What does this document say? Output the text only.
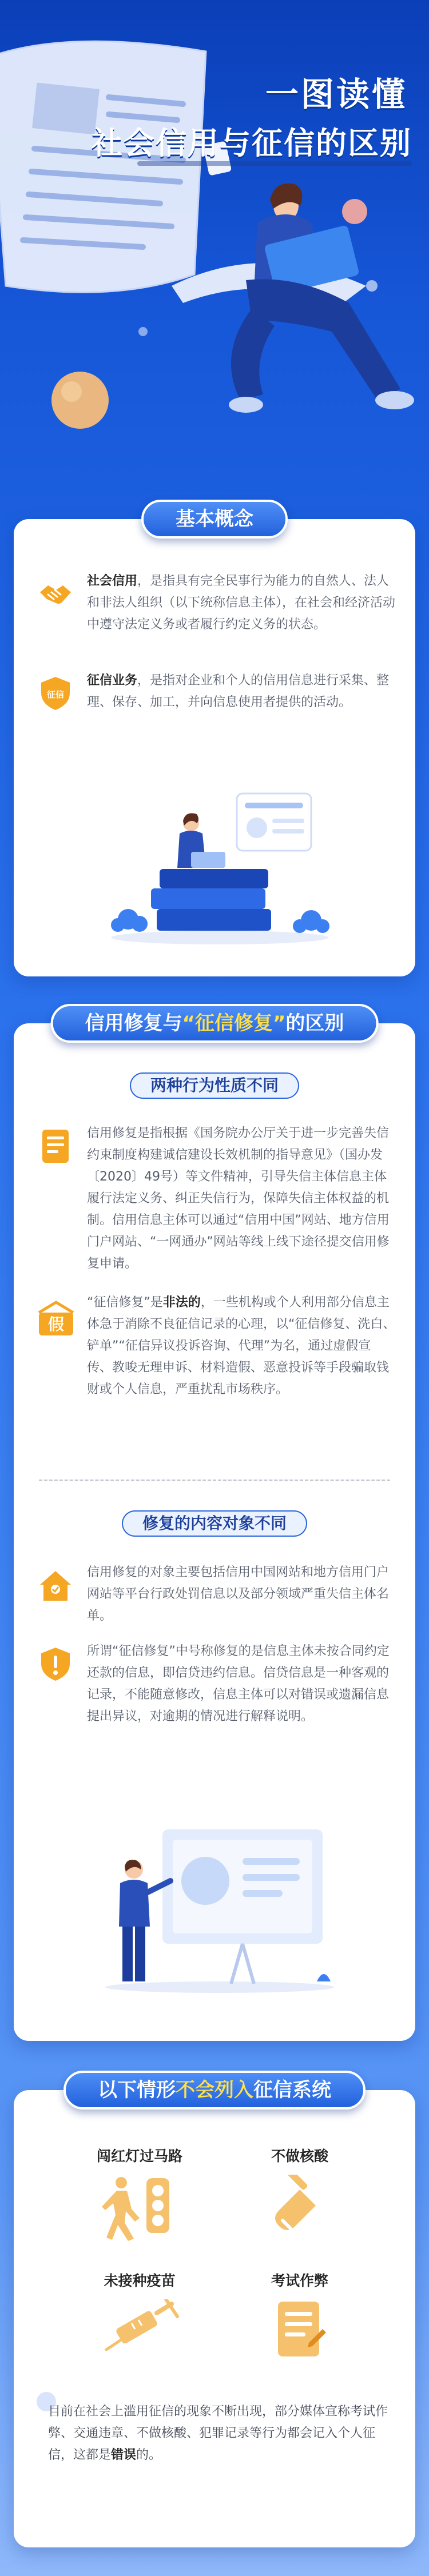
一图读懂
社会信用与征信的区别
基本概念
社会信用，是指具有完全民事行为能力的自然人、法人和非法人组织（以下统称信息主体），在社会和经济活动中遵守法定义务或者履行约定义务的状态。
征信
征信业务，是指对企业和个人的信用信息进行采集、整理、保存、加工，并向信息使用者提供的活动。
信用修复与“征信修复”的区别
两种行为性质不同
信用修复是指根据《国务院办公厅关于进一步完善失信约束制度构建诚信建设长效机制的指导意见》（国办发〔2020〕49号）等文件精神，引导失信主体信息主体履行法定义务、纠正失信行为，保障失信主体权益的机制。信用信息主体可以通过“信用中国”网站、地方信用门户网站、“一网通办”网站等线上线下途径提交信用修复申请。
假
“征信修复”是非法的，一些机构或个人利用部分信息主体急于消除不良征信记录的心理，以“征信修复、洗白、铲单”“征信异议投诉咨询、代理”为名，通过虚假宣传、教唆无理申诉、材料造假、恶意投诉等手段骗取钱财或个人信息，严重扰乱市场秩序。
修复的内容对象不同
信用修复的对象主要包括信用中国网站和地方信用门户网站等平台行政处罚信息以及部分领域严重失信主体名单。
所谓“征信修复”中号称修复的是信息主体未按合同约定还款的信息，即信贷违约信息。信贷信息是一种客观的记录，不能随意修改，信息主体可以对错误或遗漏信息提出异议，对逾期的情况进行解释说明。
以下情形不会列入征信系统
闯红灯过马路	不做核酸
未接种疫苗	考试作弊
目前在社会上滥用征信的现象不断出现，部分媒体宣称考试作弊、交通违章、不做核酸、犯罪记录等行为都会记入个人征信，这都是错误的。
